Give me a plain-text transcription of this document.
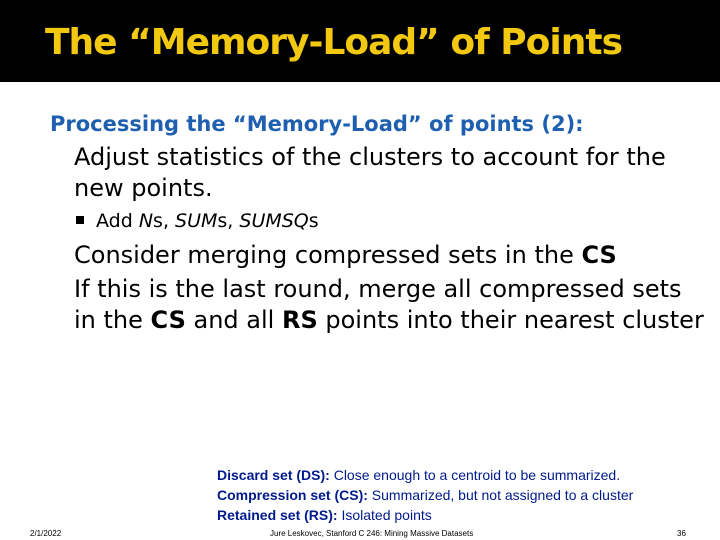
The “Memory-Load” of Points
Processing the “Memory-Load” of points (2):
Adjust statistics of the clusters to account for the new points.
Add Ns, SUMs, SUMSQs
Consider merging compressed sets in the CS
If this is the last round, merge all compressed sets in the CS and all RS points into their nearest cluster
Discard set (DS): Close enough to a centroid to be summarized.
Compression set (CS): Summarized, but not assigned to a cluster
Retained set (RS): Isolated points
2/1/2022	Jure Leskovec, Stanford C 246: Mining Massive Datasets	36
